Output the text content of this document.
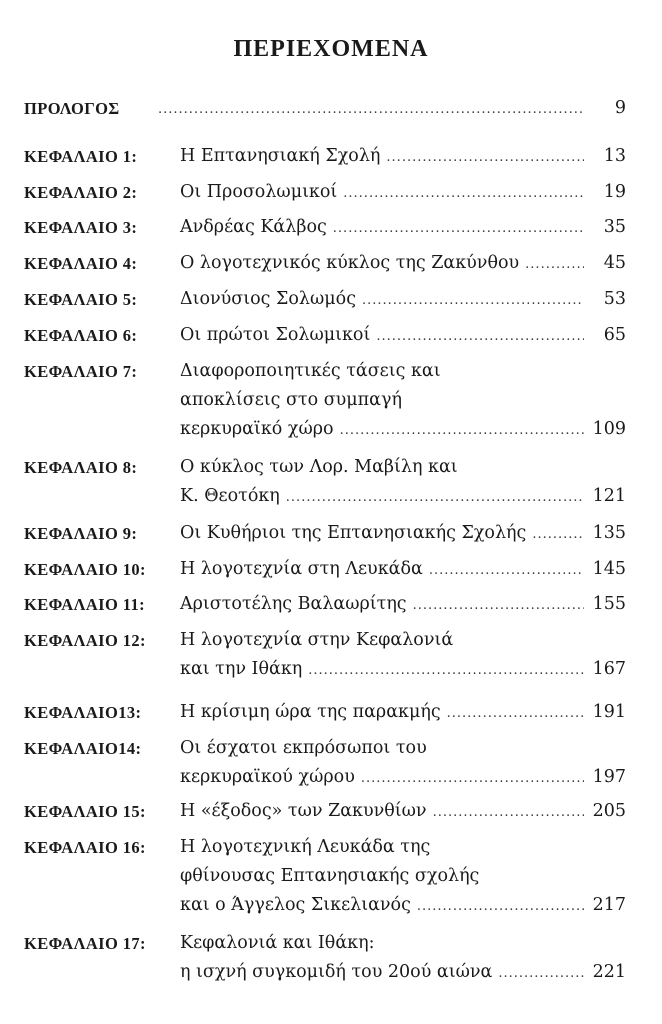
ΠΕΡΙΕΧΟΜΕΝΑ
ΠΡΟΛΟΓΟΣ .....	9
ΚΕΦΑΛΑΙΟ 1: Η Επτανησιακή Σχολή .....	13
ΚΕΦΑΛΑΙΟ 2: Οι Προσολωμικοί .....	19
ΚΕΦΑΛΑΙΟ 3: Ανδρέας Κάλβος .....	35
ΚΕΦΑΛΑΙΟ 4: Ο λογοτεχνικός κύκλος της Ζακύνθου .....	45
ΚΕΦΑΛΑΙΟ 5: Διονύσιος Σολωμός .....	53
ΚΕΦΑΛΑΙΟ 6: Οι πρώτοι Σολωμικοί .....	65
ΚΕΦΑΛΑΙΟ 7: Διαφοροποιητικές τάσεις και
αποκλίσεις στο συμπαγή
κερκυραϊκό χώρο .....	109
ΚΕΦΑΛΑΙΟ 8: Ο κύκλος των Λορ. Μαβίλη και
Κ. Θεοτόκη .....	121
ΚΕΦΑΛΑΙΟ 9: Οι Κυθήριοι της Επτανησιακής Σχολής .....	135
ΚΕΦΑΛΑΙΟ 10: Η λογοτεχνία στη Λευκάδα .....	145
ΚΕΦΑΛΑΙΟ 11: Αριστοτέλης Βαλαωρίτης .....	155
ΚΕΦΑΛΑΙΟ 12: Η λογοτεχνία στην Κεφαλονιά
και την Ιθάκη .....	167
ΚΕΦΑΛΑΙΟ13: Η κρίσιμη ώρα της παρακμής .....	191
ΚΕΦΑΛΑΙΟ14: Οι έσχατοι εκπρόσωποι του
κερκυραϊκού χώρου .....	197
ΚΕΦΑΛΑΙΟ 15: Η «έξοδος» των Ζακυνθίων .....	205
ΚΕΦΑΛΑΙΟ 16: Η λογοτεχνική Λευκάδα της
φθίνουσας Επτανησιακής σχολής
και ο Άγγελος Σικελιανός .....	217
ΚΕΦΑΛΑΙΟ 17: Κεφαλονιά και Ιθάκη:
η ισχνή συγκομιδή του 20ού αιώνα .....	221
